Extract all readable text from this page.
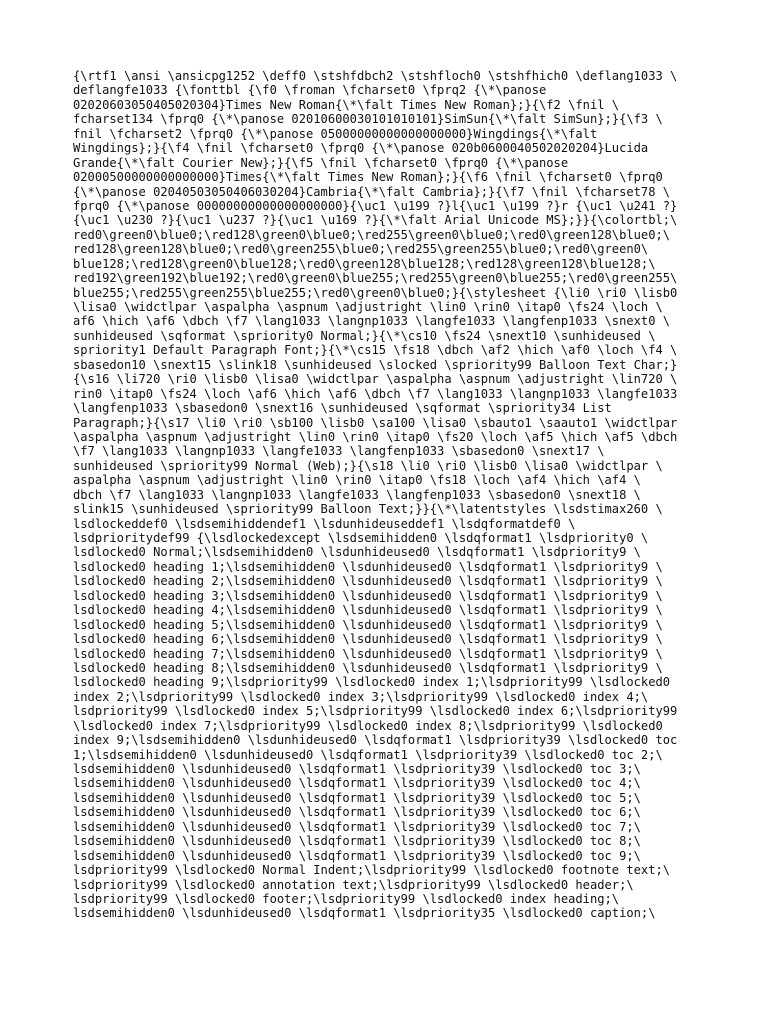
{\rtf1 \ansi \ansicpg1252 \deff0 \stshfdbch2 \stshfloch0 \stshfhich0 \deflang1033 \
deflangfe1033 {\fonttbl {\f0 \froman \fcharset0 \fprq2 {\*\panose
02020603050405020304}Times New Roman{\*\falt Times New Roman};}{\f2 \fnil \
fcharset134 \fprq0 {\*\panose 02010600030101010101}SimSun{\*\falt SimSun};}{\f3 \
fnil \fcharset2 \fprq0 {\*\panose 05000000000000000000}Wingdings{\*\falt
Wingdings};}{\f4 \fnil \fcharset0 \fprq0 {\*\panose 020b0600040502020204}Lucida
Grande{\*\falt Courier New};}{\f5 \fnil \fcharset0 \fprq0 {\*\panose
02000500000000000000}Times{\*\falt Times New Roman};}{\f6 \fnil \fcharset0 \fprq0
{\*\panose 02040503050406030204}Cambria{\*\falt Cambria};}{\f7 \fnil \fcharset78 \
fprq0 {\*\panose 00000000000000000000}{\uc1 \u199 ?}l{\uc1 \u199 ?}r {\uc1 \u241 ?}
{\uc1 \u230 ?}{\uc1 \u237 ?}{\uc1 \u169 ?}{\*\falt Arial Unicode MS};}}{\colortbl;\
red0\green0\blue0;\red128\green0\blue0;\red255\green0\blue0;\red0\green128\blue0;\
red128\green128\blue0;\red0\green255\blue0;\red255\green255\blue0;\red0\green0\
blue128;\red128\green0\blue128;\red0\green128\blue128;\red128\green128\blue128;\
red192\green192\blue192;\red0\green0\blue255;\red255\green0\blue255;\red0\green255\
blue255;\red255\green255\blue255;\red0\green0\blue0;}{\stylesheet {\li0 \ri0 \lisb0
\lisa0 \widctlpar \aspalpha \aspnum \adjustright \lin0 \rin0 \itap0 \fs24 \loch \
af6 \hich \af6 \dbch \f7 \lang1033 \langnp1033 \langfe1033 \langfenp1033 \snext0 \
sunhideused \sqformat \spriority0 Normal;}{\*\cs10 \fs24 \snext10 \sunhideused \
spriority1 Default Paragraph Font;}{\*\cs15 \fs18 \dbch \af2 \hich \af0 \loch \f4 \
sbasedon10 \snext15 \slink18 \sunhideused \slocked \spriority99 Balloon Text Char;}
{\s16 \li720 \ri0 \lisb0 \lisa0 \widctlpar \aspalpha \aspnum \adjustright \lin720 \
rin0 \itap0 \fs24 \loch \af6 \hich \af6 \dbch \f7 \lang1033 \langnp1033 \langfe1033
\langfenp1033 \sbasedon0 \snext16 \sunhideused \sqformat \spriority34 List
Paragraph;}{\s17 \li0 \ri0 \sb100 \lisb0 \sa100 \lisa0 \sbauto1 \saauto1 \widctlpar
\aspalpha \aspnum \adjustright \lin0 \rin0 \itap0 \fs20 \loch \af5 \hich \af5 \dbch
\f7 \lang1033 \langnp1033 \langfe1033 \langfenp1033 \sbasedon0 \snext17 \
sunhideused \spriority99 Normal (Web);}{\s18 \li0 \ri0 \lisb0 \lisa0 \widctlpar \
aspalpha \aspnum \adjustright \lin0 \rin0 \itap0 \fs18 \loch \af4 \hich \af4 \
dbch \f7 \lang1033 \langnp1033 \langfe1033 \langfenp1033 \sbasedon0 \snext18 \
slink15 \sunhideused \spriority99 Balloon Text;}}{\*\latentstyles \lsdstimax260 \
lsdlockeddef0 \lsdsemihiddendef1 \lsdunhideuseddef1 \lsdqformatdef0 \
lsdprioritydef99 {\lsdlockedexcept \lsdsemihidden0 \lsdqformat1 \lsdpriority0 \
lsdlocked0 Normal;\lsdsemihidden0 \lsdunhideused0 \lsdqformat1 \lsdpriority9 \
lsdlocked0 heading 1;\lsdsemihidden0 \lsdunhideused0 \lsdqformat1 \lsdpriority9 \
lsdlocked0 heading 2;\lsdsemihidden0 \lsdunhideused0 \lsdqformat1 \lsdpriority9 \
lsdlocked0 heading 3;\lsdsemihidden0 \lsdunhideused0 \lsdqformat1 \lsdpriority9 \
lsdlocked0 heading 4;\lsdsemihidden0 \lsdunhideused0 \lsdqformat1 \lsdpriority9 \
lsdlocked0 heading 5;\lsdsemihidden0 \lsdunhideused0 \lsdqformat1 \lsdpriority9 \
lsdlocked0 heading 6;\lsdsemihidden0 \lsdunhideused0 \lsdqformat1 \lsdpriority9 \
lsdlocked0 heading 7;\lsdsemihidden0 \lsdunhideused0 \lsdqformat1 \lsdpriority9 \
lsdlocked0 heading 8;\lsdsemihidden0 \lsdunhideused0 \lsdqformat1 \lsdpriority9 \
lsdlocked0 heading 9;\lsdpriority99 \lsdlocked0 index 1;\lsdpriority99 \lsdlocked0
index 2;\lsdpriority99 \lsdlocked0 index 3;\lsdpriority99 \lsdlocked0 index 4;\
lsdpriority99 \lsdlocked0 index 5;\lsdpriority99 \lsdlocked0 index 6;\lsdpriority99
\lsdlocked0 index 7;\lsdpriority99 \lsdlocked0 index 8;\lsdpriority99 \lsdlocked0
index 9;\lsdsemihidden0 \lsdunhideused0 \lsdqformat1 \lsdpriority39 \lsdlocked0 toc
1;\lsdsemihidden0 \lsdunhideused0 \lsdqformat1 \lsdpriority39 \lsdlocked0 toc 2;\
lsdsemihidden0 \lsdunhideused0 \lsdqformat1 \lsdpriority39 \lsdlocked0 toc 3;\
lsdsemihidden0 \lsdunhideused0 \lsdqformat1 \lsdpriority39 \lsdlocked0 toc 4;\
lsdsemihidden0 \lsdunhideused0 \lsdqformat1 \lsdpriority39 \lsdlocked0 toc 5;\
lsdsemihidden0 \lsdunhideused0 \lsdqformat1 \lsdpriority39 \lsdlocked0 toc 6;\
lsdsemihidden0 \lsdunhideused0 \lsdqformat1 \lsdpriority39 \lsdlocked0 toc 7;\
lsdsemihidden0 \lsdunhideused0 \lsdqformat1 \lsdpriority39 \lsdlocked0 toc 8;\
lsdsemihidden0 \lsdunhideused0 \lsdqformat1 \lsdpriority39 \lsdlocked0 toc 9;\
lsdpriority99 \lsdlocked0 Normal Indent;\lsdpriority99 \lsdlocked0 footnote text;\
lsdpriority99 \lsdlocked0 annotation text;\lsdpriority99 \lsdlocked0 header;\
lsdpriority99 \lsdlocked0 footer;\lsdpriority99 \lsdlocked0 index heading;\
lsdsemihidden0 \lsdunhideused0 \lsdqformat1 \lsdpriority35 \lsdlocked0 caption;\
